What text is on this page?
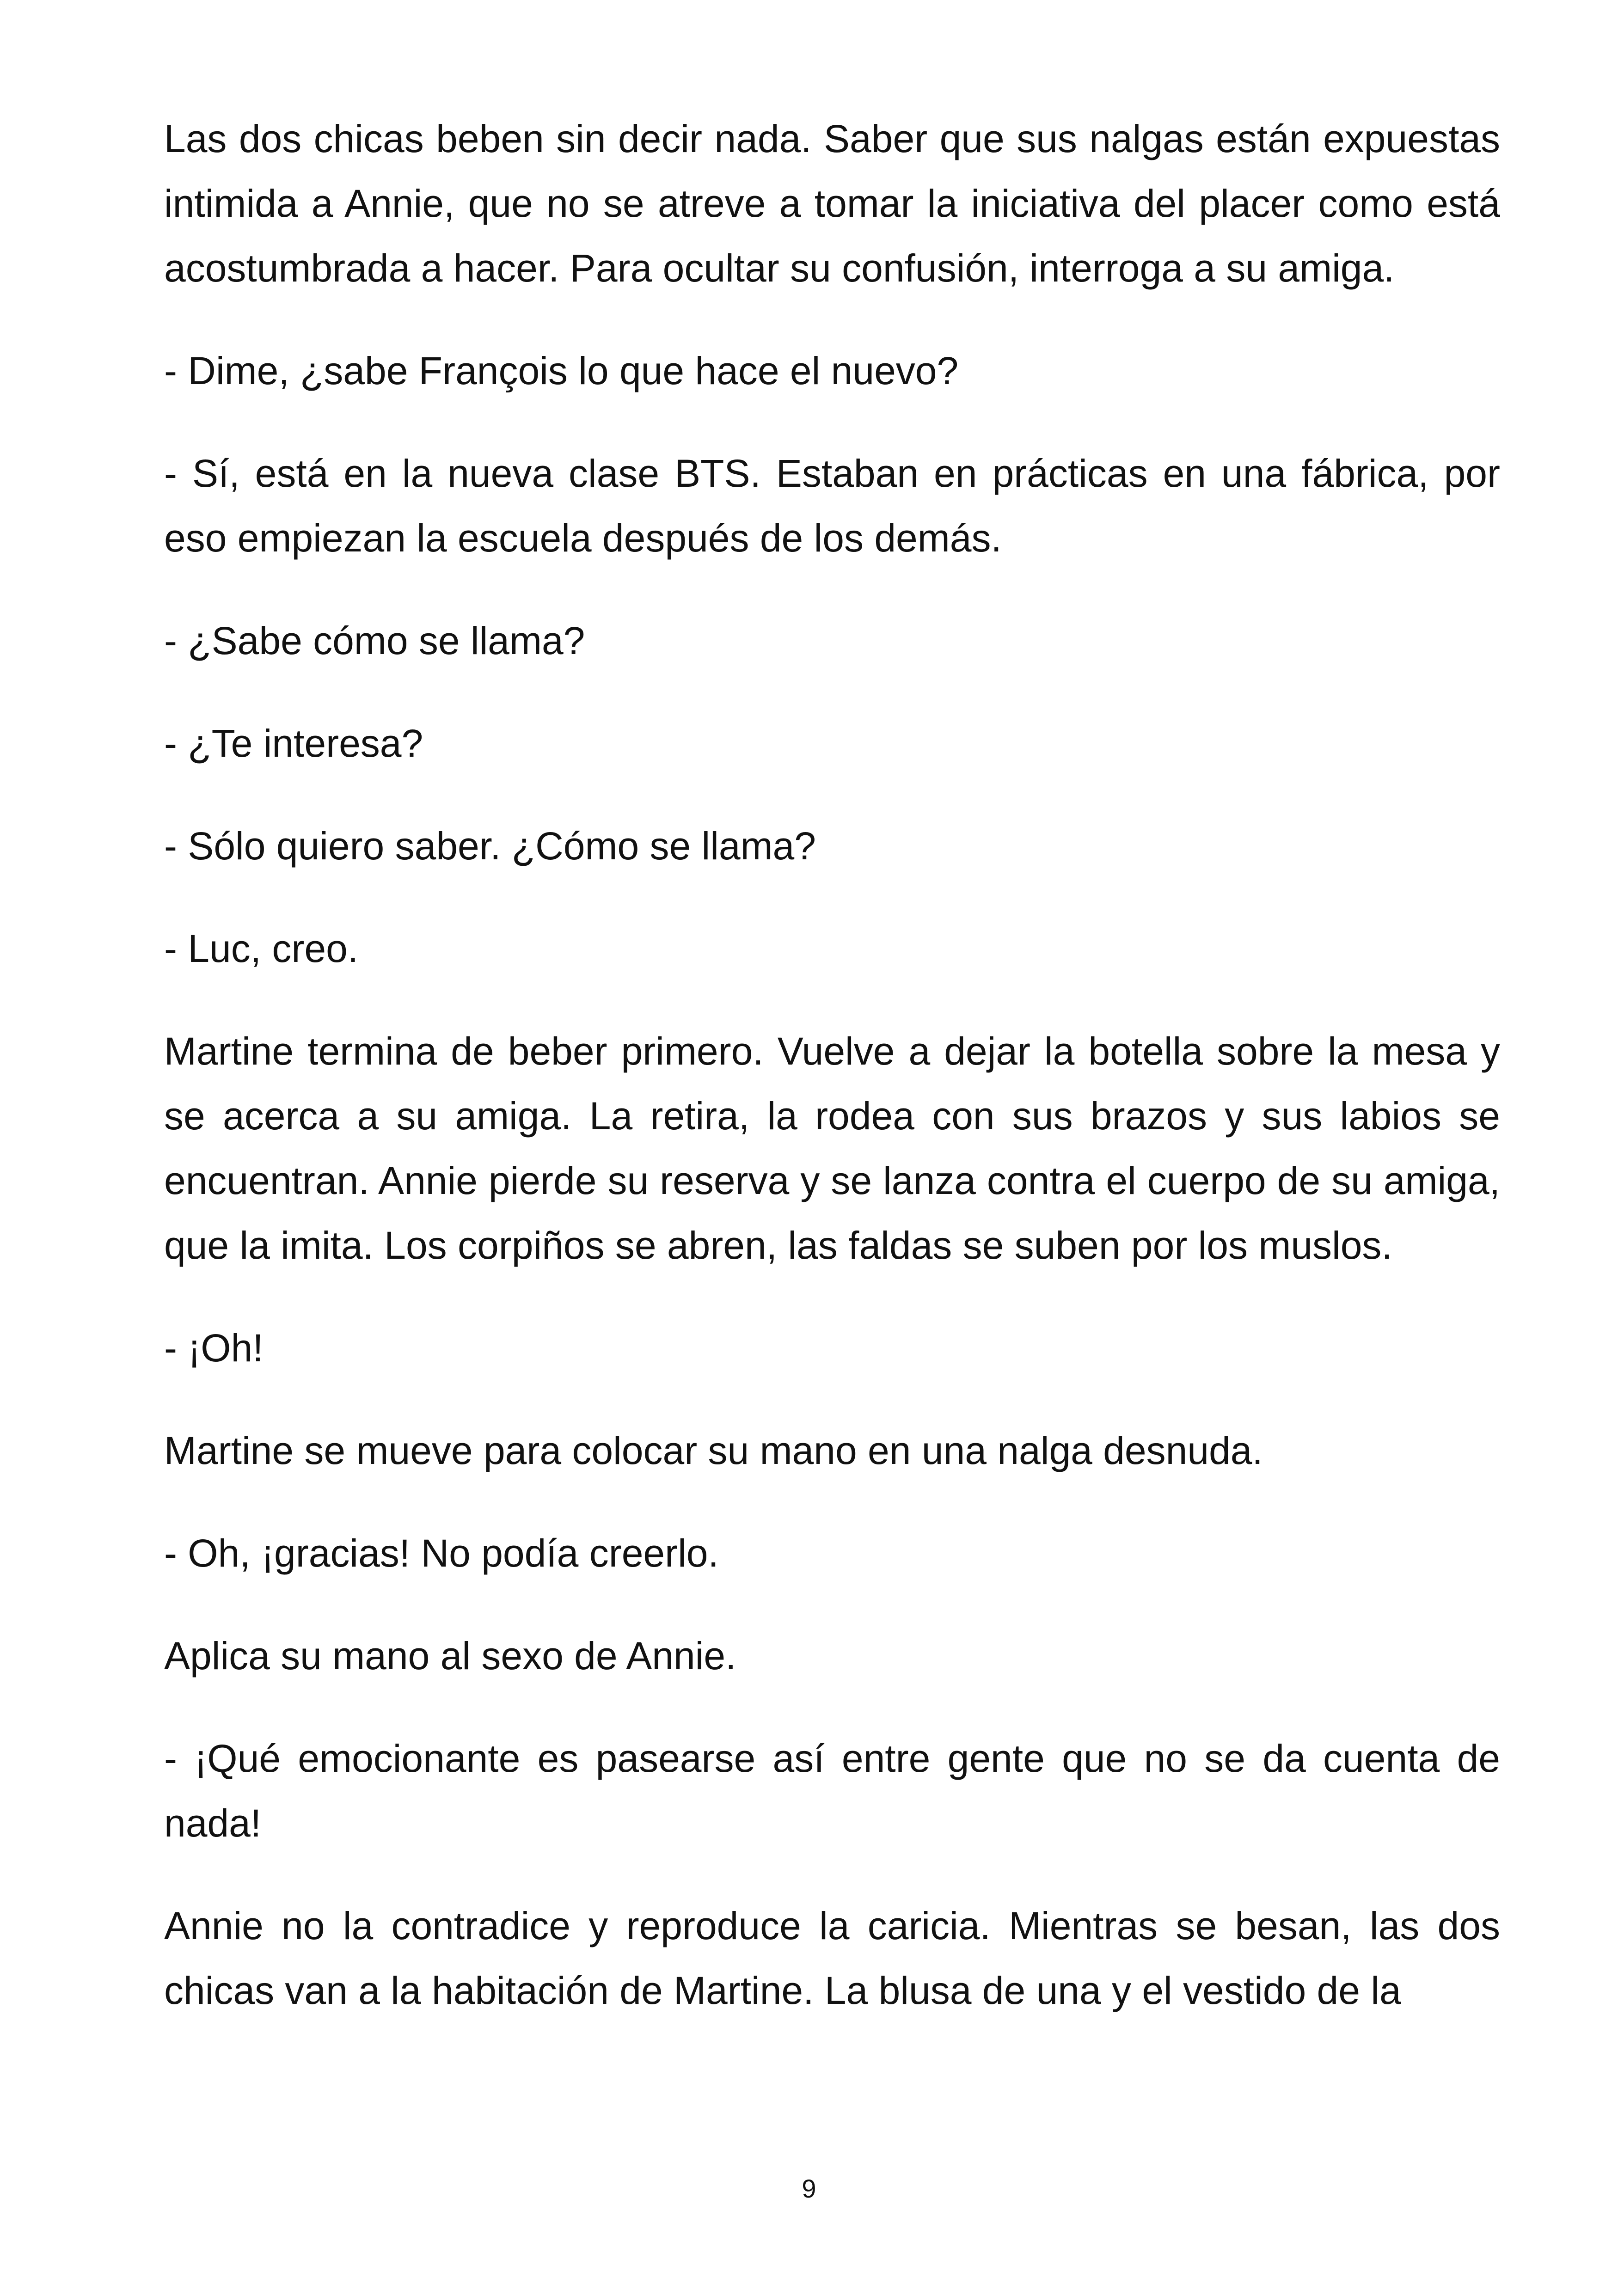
Las dos chicas beben sin decir nada. Saber que sus nalgas están expuestas intimida a Annie, que no se atreve a tomar la iniciativa del placer como está acostumbrada a hacer. Para ocultar su confusión, interroga a su amiga.

- Dime, ¿sabe François lo que hace el nuevo?

- Sí, está en la nueva clase BTS. Estaban en prácticas en una fábrica, por eso empiezan la escuela después de los demás.

- ¿Sabe cómo se llama?

- ¿Te interesa?

- Sólo quiero saber. ¿Cómo se llama?

- Luc, creo.

Martine termina de beber primero. Vuelve a dejar la botella sobre la mesa y se acerca a su amiga. La retira, la rodea con sus brazos y sus labios se encuentran. Annie pierde su reserva y se lanza contra el cuerpo de su amiga, que la imita. Los corpiños se abren, las faldas se suben por los muslos.

- ¡Oh!

Martine se mueve para colocar su mano en una nalga desnuda.

- Oh, ¡gracias! No podía creerlo.

Aplica su mano al sexo de Annie.

- ¡Qué emocionante es pasearse así entre gente que no se da cuenta de nada!

Annie no la contradice y reproduce la caricia. Mientras se besan, las dos chicas van a la habitación de Martine. La blusa de una y el vestido de la

9
